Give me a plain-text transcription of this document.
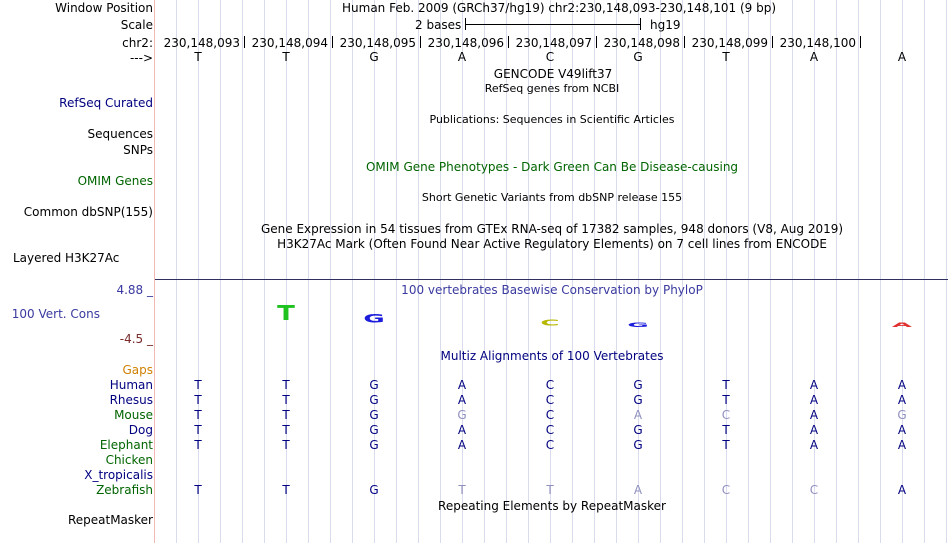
Window Position	Human Feb. 2009 (GRCh37/hg19) chr2:230,148,093-230,148,101 (9 bp)
Scale	2 bases	hg19
chr2: 230,148,093 230,148,094 230,148,095 230,148,096 230,148,097 230,148,098 230,148,099 230,148,100
--->	T	T	G	A	C	G	T	A	A
GENCODE V49lift37
RefSeq Curated
RefSeq genes from NCBI
Publications: Sequences in Scientific Articles
Sequences
SNPs
OMIM Gene Phenotypes - Dark Green Can Be Disease-causing
OMIM Genes
Short Genetic Variants from dbSNP release 155
Common dbSNP(155)
Gene Expression in 54 tissues from GTEx RNA-seq of 17382 samples, 948 donors (V8, Aug 2019)
H3K27Ac Mark (Often Found Near Active Regulatory Elements) on 7 cell lines from ENCODE
Layered H3K27Ac
4.88 _	100 vertebrates Basewise Conservation by PhyloP
100 Vert. Cons
-4.5 _
T	G	C	G	A
Multiz Alignments of 100 Vertebrates
Gaps
Human	T	T	G	A	C	G	T	A	A
Rhesus	T	T	G	A	C	G	T	A	A
Mouse	T	T	G	G	C	A	C	A	G
Dog	T	T	G	A	C	G	T	A	A
Elephant	T	T	G	A	C	G	T	A	A
Chicken
X_tropicalis
Zebrafish	T	T	G	T	T	A	C	C	A
Repeating Elements by RepeatMasker
RepeatMasker
